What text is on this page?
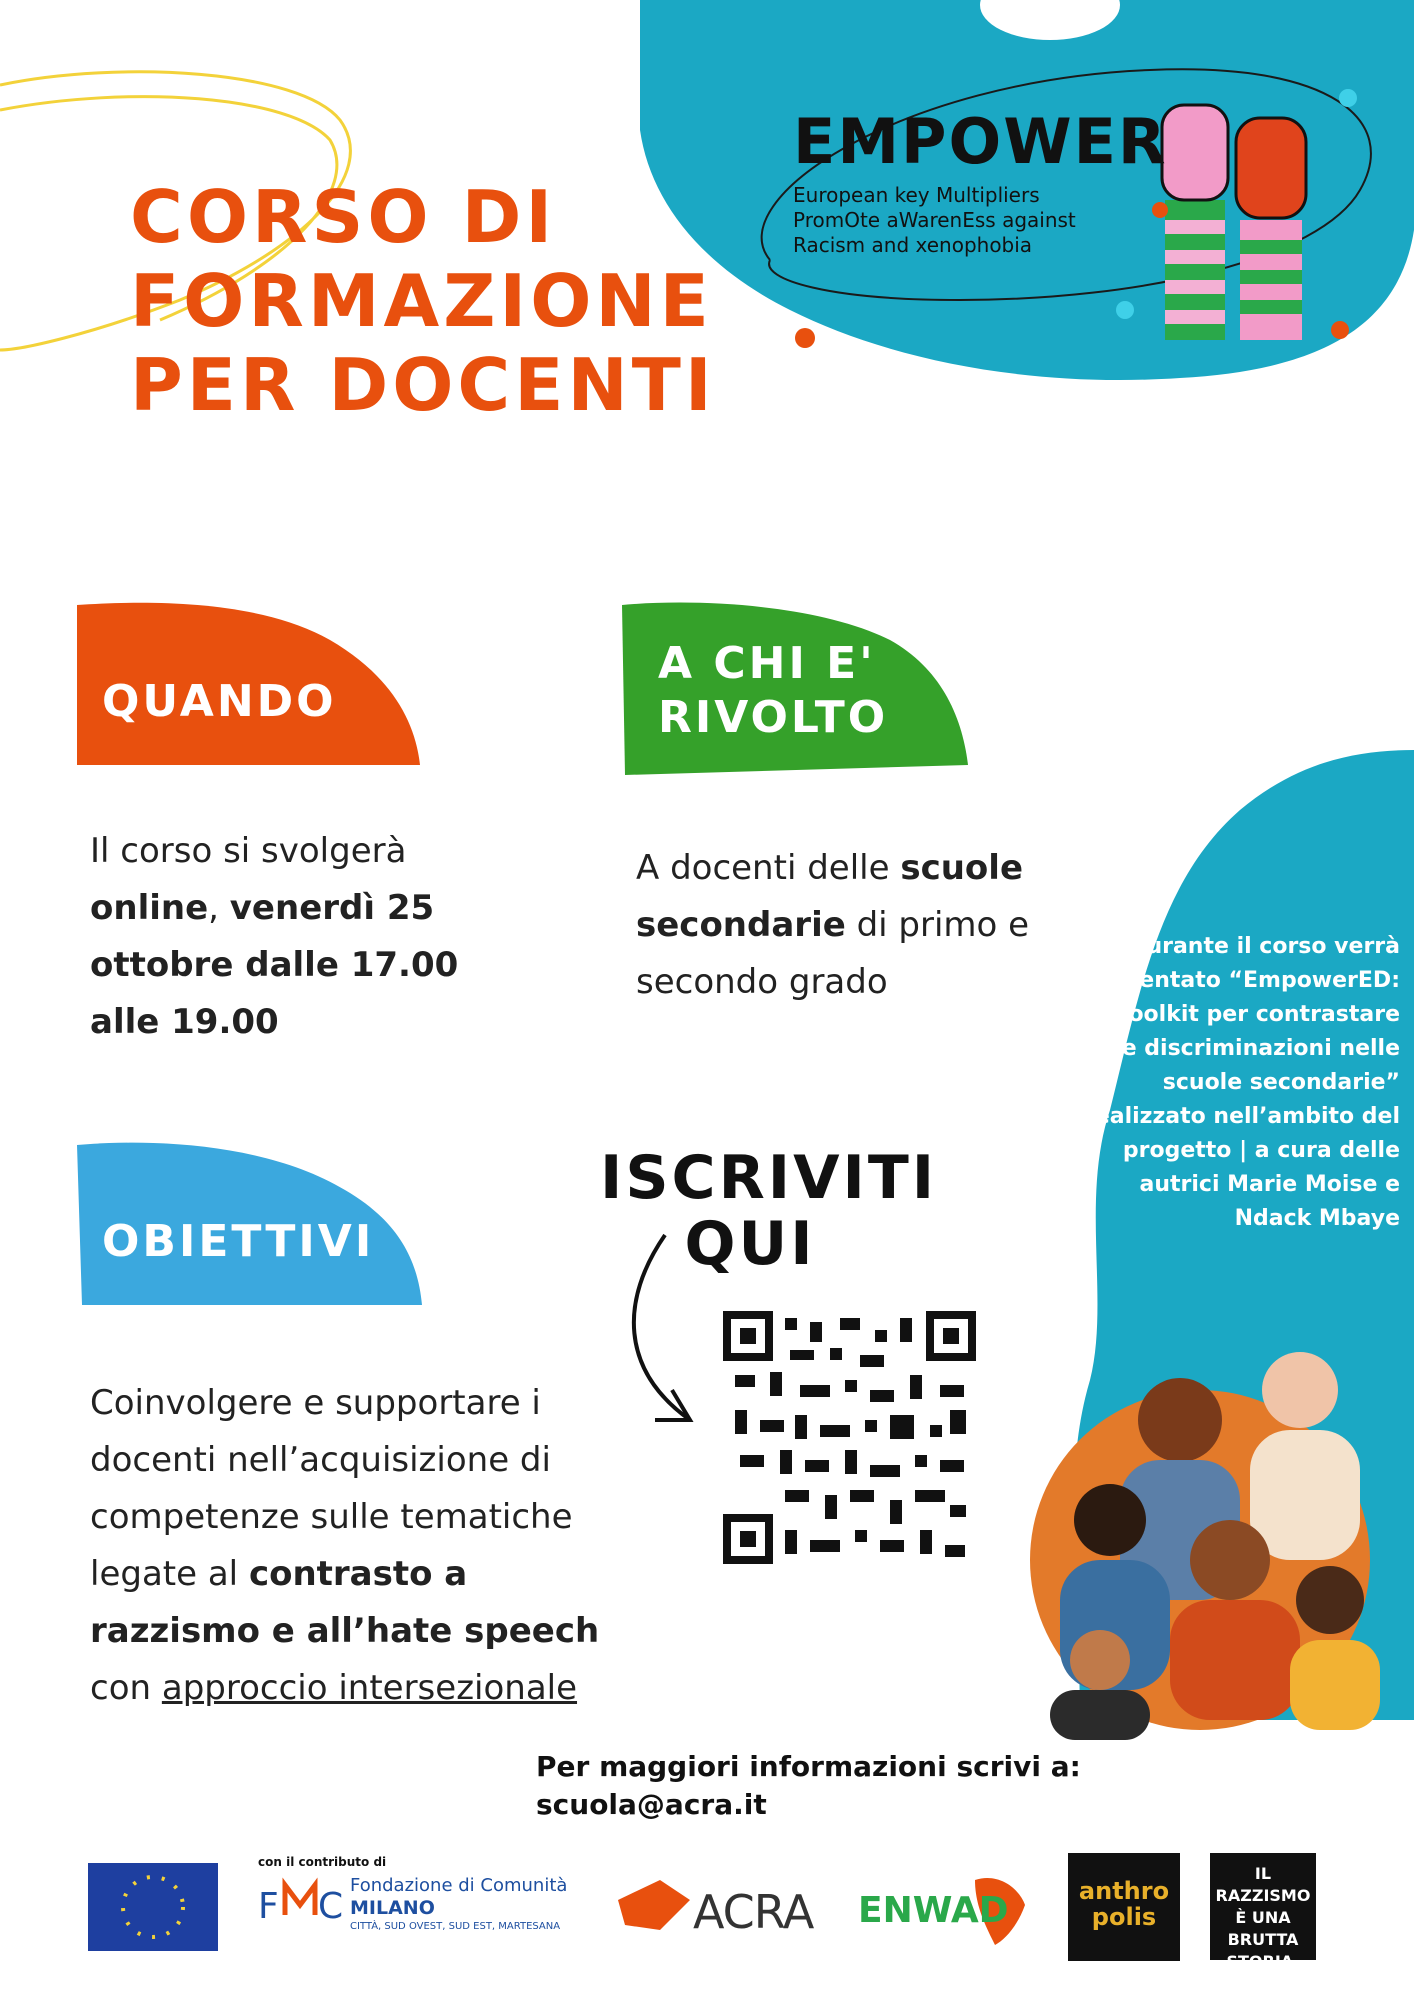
F C
CORSO DI
FORMAZIONE
PER DOCENTI
EMPOWER
European key Multipliers
PromOte aWarenEss against
Racism and xenophobia
QUANDO
Il corso si svolgerà online, venerdì 25 ottobre dalle 17.00 alle 19.00
A CHI E'
RIVOLTO
A docenti delle scuole secondarie di primo e secondo grado
OBIETTIVI
Coinvolgere e supportare i docenti nell’acquisizione di competenze sulle tematiche legate al contrasto a razzismo e all’hate speech con approccio intersezionale
ISCRIVITI
QUI
Durante il corso verrà presentato “EmpowerED: un toolkit per contrastare le discriminazioni nelle scuole secondarie” realizzato nell’ambito del progetto | a cura delle autrici Marie Moise e Ndack Mbaye
Per maggiori informazioni scrivi a:
scuola@acra.it
con il contributo di
Fondazione di Comunità
MILANO
CITTÀ, SUD OVEST, SUD EST, MARTESANA	ACRA ENWAD	anthro
polis
IL RAZZISMO È UNA BRUTTA STORIA.
